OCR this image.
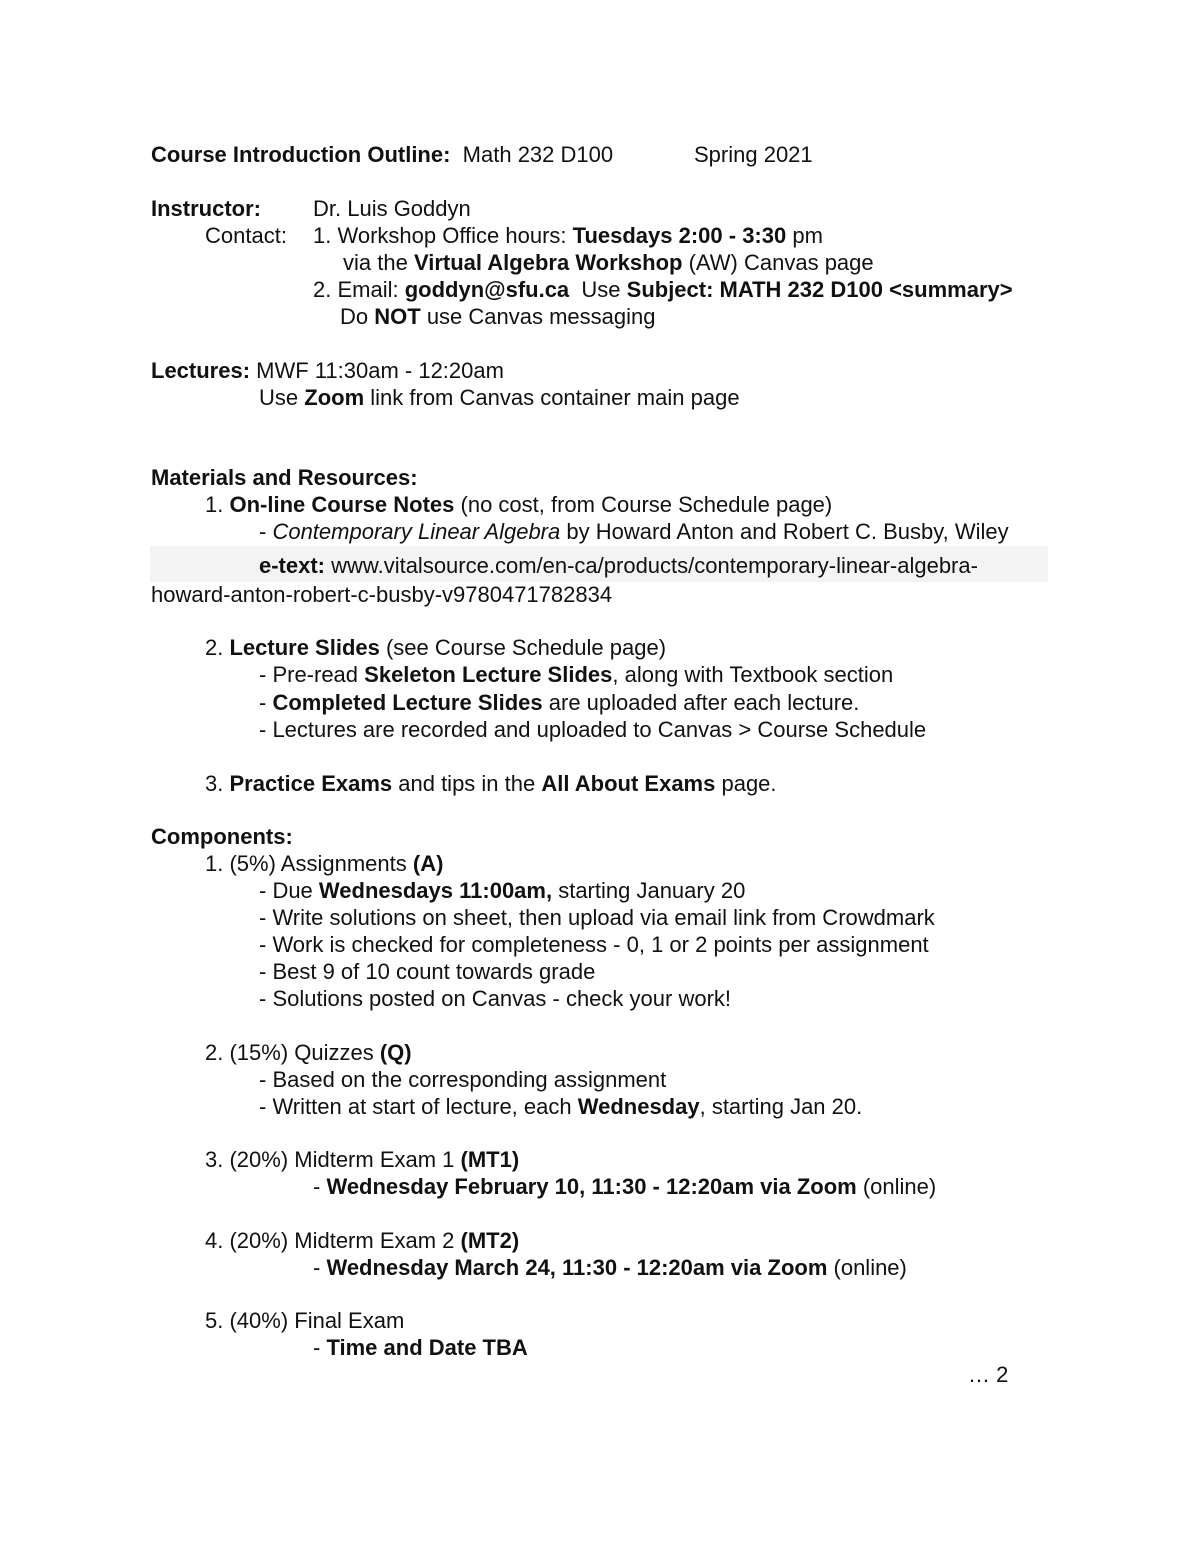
Course Introduction Outline: Math 232 D100	Spring 2021
Instructor: Dr. Luis Goddyn
Contact: 1. Workshop Office hours: Tuesdays 2:00 - 3:30 pm
via the Virtual Algebra Workshop (AW) Canvas page
2. Email: goddyn@sfu.ca  Use Subject: MATH 232 D100 <summary>
Do NOT use Canvas messaging
Lectures: MWF 11:30am - 12:20am
Use Zoom link from Canvas container main page
Materials and Resources:
1. On-line Course Notes (no cost, from Course Schedule page)
- Contemporary Linear Algebra by Howard Anton and Robert C. Busby, Wiley
e-text: www.vitalsource.com/en-ca/products/contemporary-linear-algebra-
howard-anton-robert-c-busby-v9780471782834
2. Lecture Slides (see Course Schedule page)
- Pre-read Skeleton Lecture Slides, along with Textbook section
- Completed Lecture Slides are uploaded after each lecture.
- Lectures are recorded and uploaded to Canvas > Course Schedule
3. Practice Exams and tips in the All About Exams page.
Components:
1. (5%) Assignments (A)
- Due Wednesdays 11:00am, starting January 20
- Write solutions on sheet, then upload via email link from Crowdmark
- Work is checked for completeness - 0, 1 or 2 points per assignment
- Best 9 of 10 count towards grade
- Solutions posted on Canvas - check your work!
2. (15%) Quizzes (Q)
- Based on the corresponding assignment
- Written at start of lecture, each Wednesday, starting Jan 20.
3. (20%) Midterm Exam 1 (MT1)
- Wednesday February 10, 11:30 - 12:20am via Zoom (online)
4. (20%) Midterm Exam 2 (MT2)
- Wednesday March 24, 11:30 - 12:20am via Zoom (online)
5. (40%) Final Exam
- Time and Date TBA
… 2
